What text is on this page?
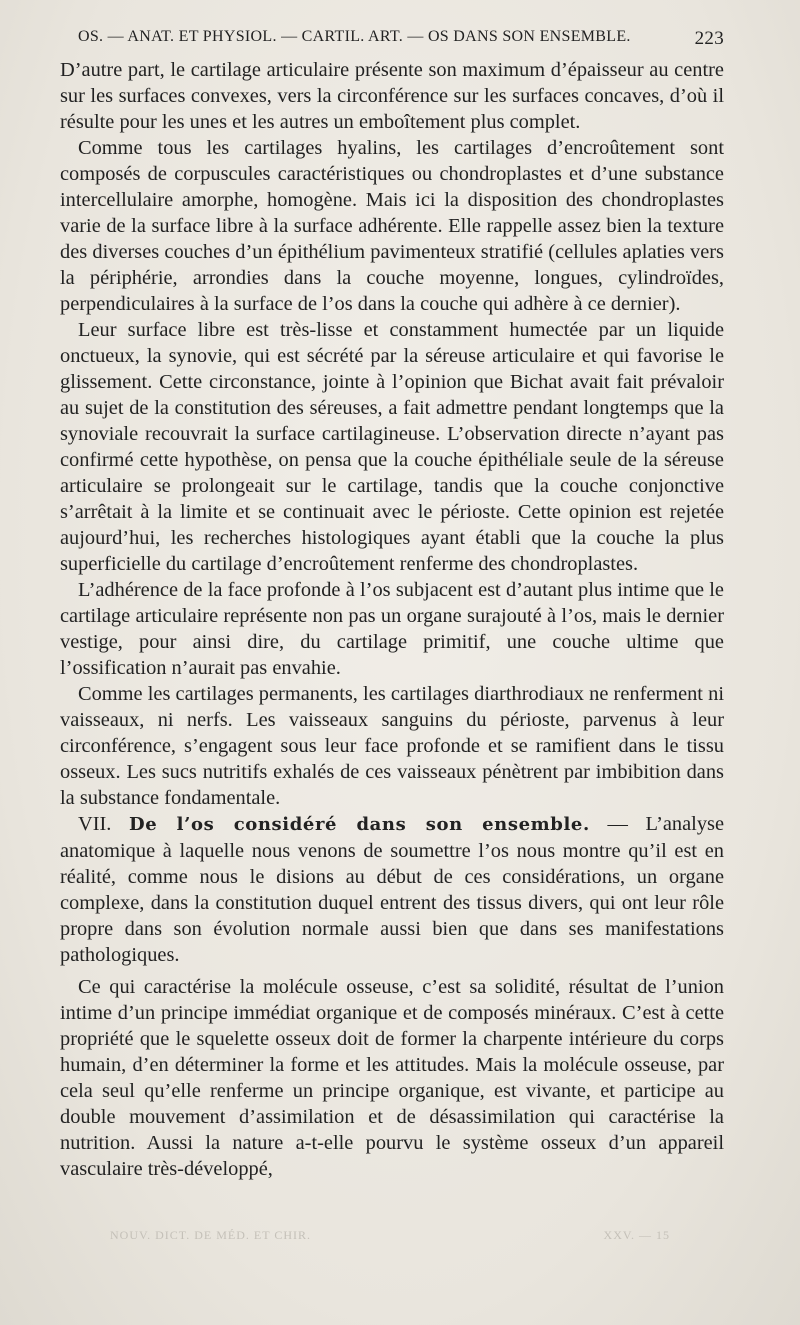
OS. — ANAT. ET PHYSIOL. — CARTIL. ART. — OS DANS SON ENSEMBLE.	223

D’autre part, le cartilage articulaire présente son maximum d’épaisseur au centre sur les surfaces convexes, vers la circonférence sur les surfaces concaves, d’où il résulte pour les unes et les autres un emboîtement plus complet.

Comme tous les cartilages hyalins, les cartilages d’encroûtement sont composés de corpuscules caractéristiques ou chondroplastes et d’une substance intercellulaire amorphe, homogène. Mais ici la disposition des chondroplastes varie de la surface libre à la surface adhérente. Elle rappelle assez bien la texture des diverses couches d’un épithélium pavimenteux stratifié (cellules aplaties vers la périphérie, arrondies dans la couche moyenne, longues, cylindroïdes, perpendiculaires à la surface de l’os dans la couche qui adhère à ce dernier).

Leur surface libre est très-lisse et constamment humectée par un liquide onctueux, la synovie, qui est sécrété par la séreuse articulaire et qui favorise le glissement. Cette circonstance, jointe à l’opinion que Bichat avait fait prévaloir au sujet de la constitution des séreuses, a fait admettre pendant longtemps que la synoviale recouvrait la surface cartilagineuse. L’observation directe n’ayant pas confirmé cette hypothèse, on pensa que la couche épithéliale seule de la séreuse articulaire se prolongeait sur le cartilage, tandis que la couche conjonctive s’arrêtait à la limite et se continuait avec le périoste. Cette opinion est rejetée aujourd’hui, les recherches histologiques ayant établi que la couche la plus superficielle du cartilage d’encroûtement renferme des chondroplastes.

L’adhérence de la face profonde à l’os subjacent est d’autant plus intime que le cartilage articulaire représente non pas un organe surajouté à l’os, mais le dernier vestige, pour ainsi dire, du cartilage primitif, une couche ultime que l’ossification n’aurait pas envahie.

Comme les cartilages permanents, les cartilages diarthrodiaux ne renferment ni vaisseaux, ni nerfs. Les vaisseaux sanguins du périoste, parvenus à leur circonférence, s’engagent sous leur face profonde et se ramifient dans le tissu osseux. Les sucs nutritifs exhalés de ces vaisseaux pénètrent par imbibition dans la substance fondamentale.

VII. De l’os considéré dans son ensemble. — L’analyse anatomique à laquelle nous venons de soumettre l’os nous montre qu’il est en réalité, comme nous le disions au début de ces considérations, un organe complexe, dans la constitution duquel entrent des tissus divers, qui ont leur rôle propre dans son évolution normale aussi bien que dans ses manifestations pathologiques.

Ce qui caractérise la molécule osseuse, c’est sa solidité, résultat de l’union intime d’un principe immédiat organique et de composés minéraux. C’est à cette propriété que le squelette osseux doit de former la charpente intérieure du corps humain, d’en déterminer la forme et les attitudes. Mais la molécule osseuse, par cela seul qu’elle renferme un principe organique, est vivante, et participe au double mouvement d’assimilation et de désassimilation qui caractérise la nutrition. Aussi la nature a-t-elle pourvu le système osseux d’un appareil vasculaire très-développé,

NOUV. DICT. DE MÉD. ET CHIR.	XXV. — 15
